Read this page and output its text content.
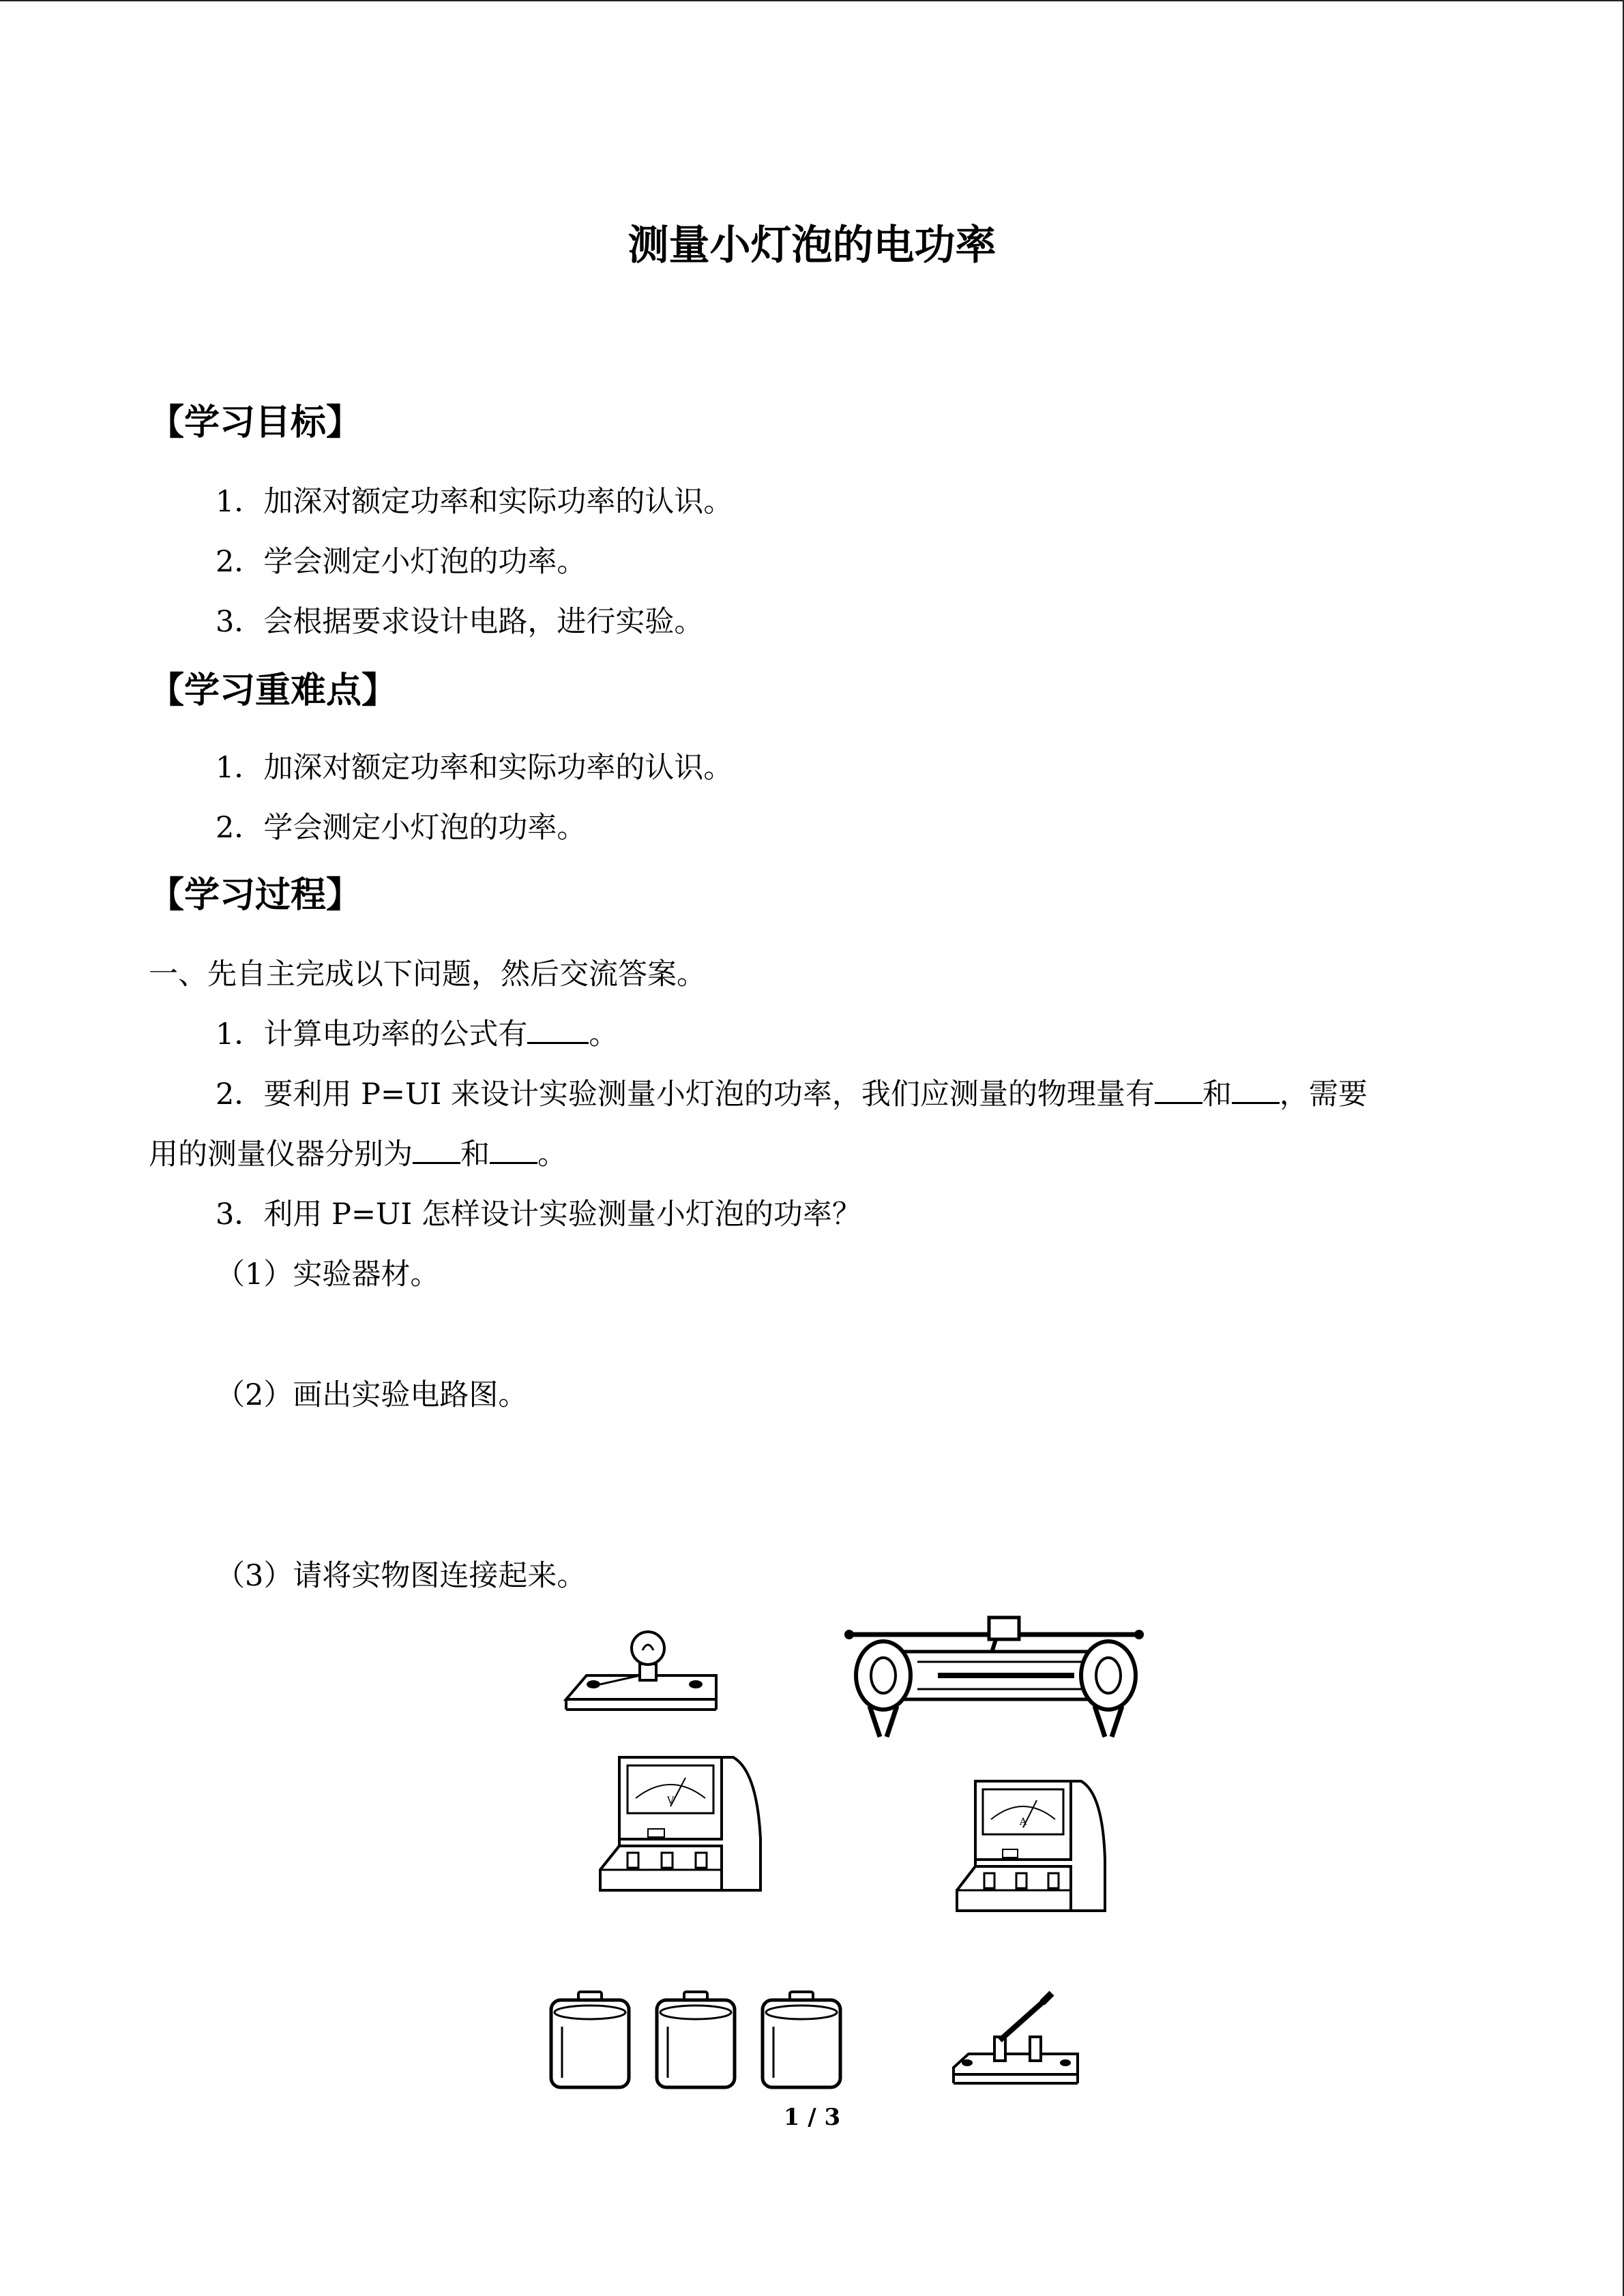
测量小灯泡的电功率
【学习目标】
1．加深对额定功率和实际功率的认识。
2．学会测定小灯泡的功率。
3．会根据要求设计电路，进行实验。
【学习重难点】
1．加深对额定功率和实际功率的认识。
2．学会测定小灯泡的功率。
【学习过程】
一、先自主完成以下问题，然后交流答案。
1．计算电功率的公式有 。
2．要利用 P=UI 来设计实验测量小灯泡的功率，我们应测量的物理量有 和 ，需要
用的测量仪器分别为 和 。
3．利用 P=UI 怎样设计实验测量小灯泡的功率？
（1）实验器材。
（2）画出实验电路图。
（3）请将实物图连接起来。
V
A
1 / 3
